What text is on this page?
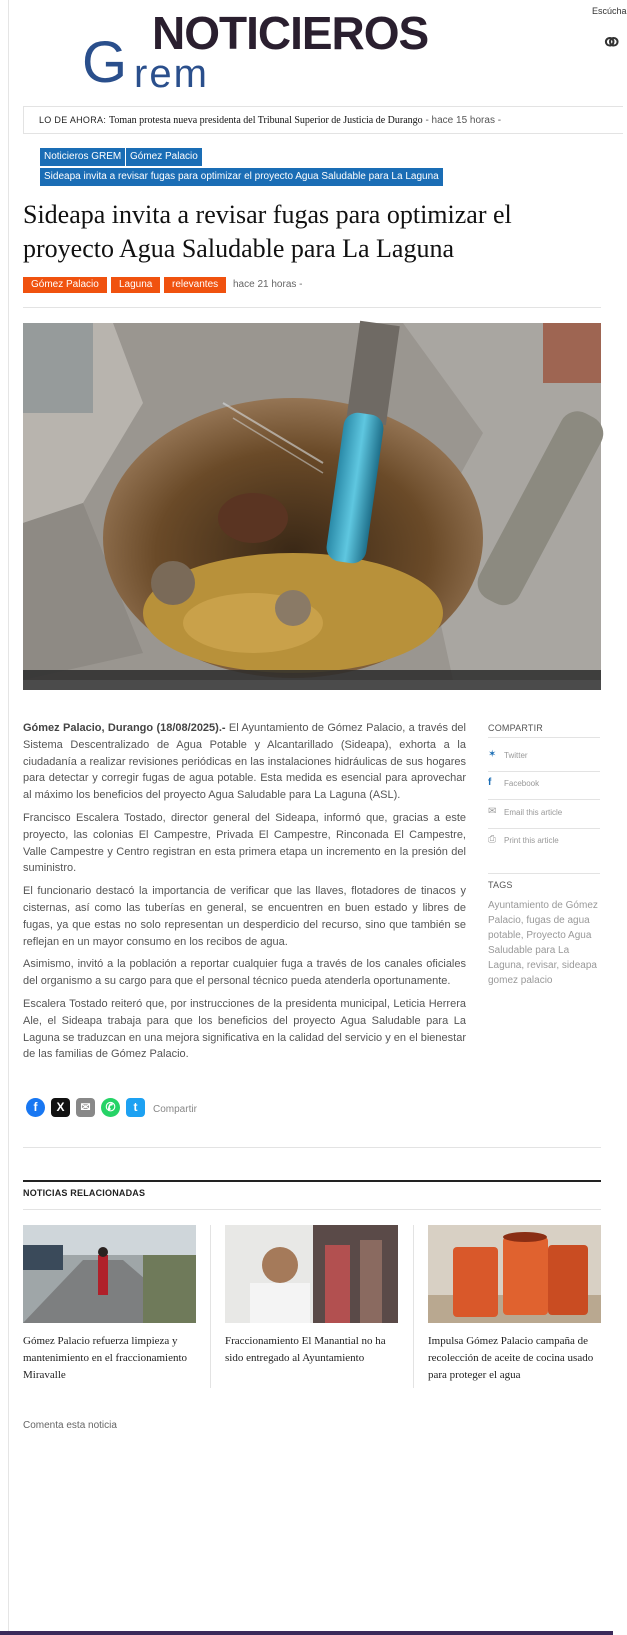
NOTICIEROS
G rem
Escúcha
⚭
LO DE AHORA: Toman protesta nueva presidenta del Tribunal Superior de Justicia de Durango - hace 15 horas -
Noticieros GREM Gómez Palacio
Sideapa invita a revisar fugas para optimizar el proyecto Agua Saludable para La Laguna
Sideapa invita a revisar fugas para optimizar el proyecto Agua Saludable para La Laguna
Gómez Palacio	Laguna	relevantes	hace 21 horas -

Gómez Palacio, Durango (18/08/2025).- El Ayuntamiento de Gómez Palacio, a través del Sistema Descentralizado de Agua Potable y Alcantarillado (Sideapa), exhorta a la ciudadanía a realizar revisiones periódicas en las instalaciones hidráulicas de sus hogares para detectar y corregir fugas de agua potable. Esta medida es esencial para aprovechar al máximo los beneficios del proyecto Agua Saludable para La Laguna (ASL).

Francisco Escalera Tostado, director general del Sideapa, informó que, gracias a este proyecto, las colonias El Campestre, Privada El Campestre, Rinconada El Campestre, Valle Campestre y Centro registran en esta primera etapa un incremento en la presión del suministro.

El funcionario destacó la importancia de verificar que las llaves, flotadores de tinacos y cisternas, así como las tuberías en general, se encuentren en buen estado y libres de fugas, ya que estas no solo representan un desperdicio del recurso, sino que también se reflejan en un mayor consumo en los recibos de agua.

Asimismo, invitó a la población a reportar cualquier fuga a través de los canales oficiales del organismo a su cargo para que el personal técnico pueda atenderla oportunamente.

Escalera Tostado reiteró que, por instrucciones de la presidenta municipal, Leticia Herrera Ale, el Sideapa trabaja para que los beneficios del proyecto Agua Saludable para La Laguna se traduzcan en una mejora significativa en la calidad del servicio y en el bienestar de las familias de Gómez Palacio.

f	X	✉	✆	t	Compartir
COMPARTIR
✶ Twitter
f Facebook
✉ Email this article
⎙ Print this article
TAGS
Ayuntamiento de Gómez Palacio, fugas de agua potable, Proyecto Agua Saludable para La Laguna, revisar, sideapa gomez palacio
NOTICIAS RELACIONADAS
Gómez Palacio refuerza limpieza y mantenimiento en el fraccionamiento Miravalle
Fraccionamiento El Manantial no ha sido entregado al Ayuntamiento
Impulsa Gómez Palacio campaña de recolección de aceite de cocina usado para proteger el agua
Comenta esta noticia
